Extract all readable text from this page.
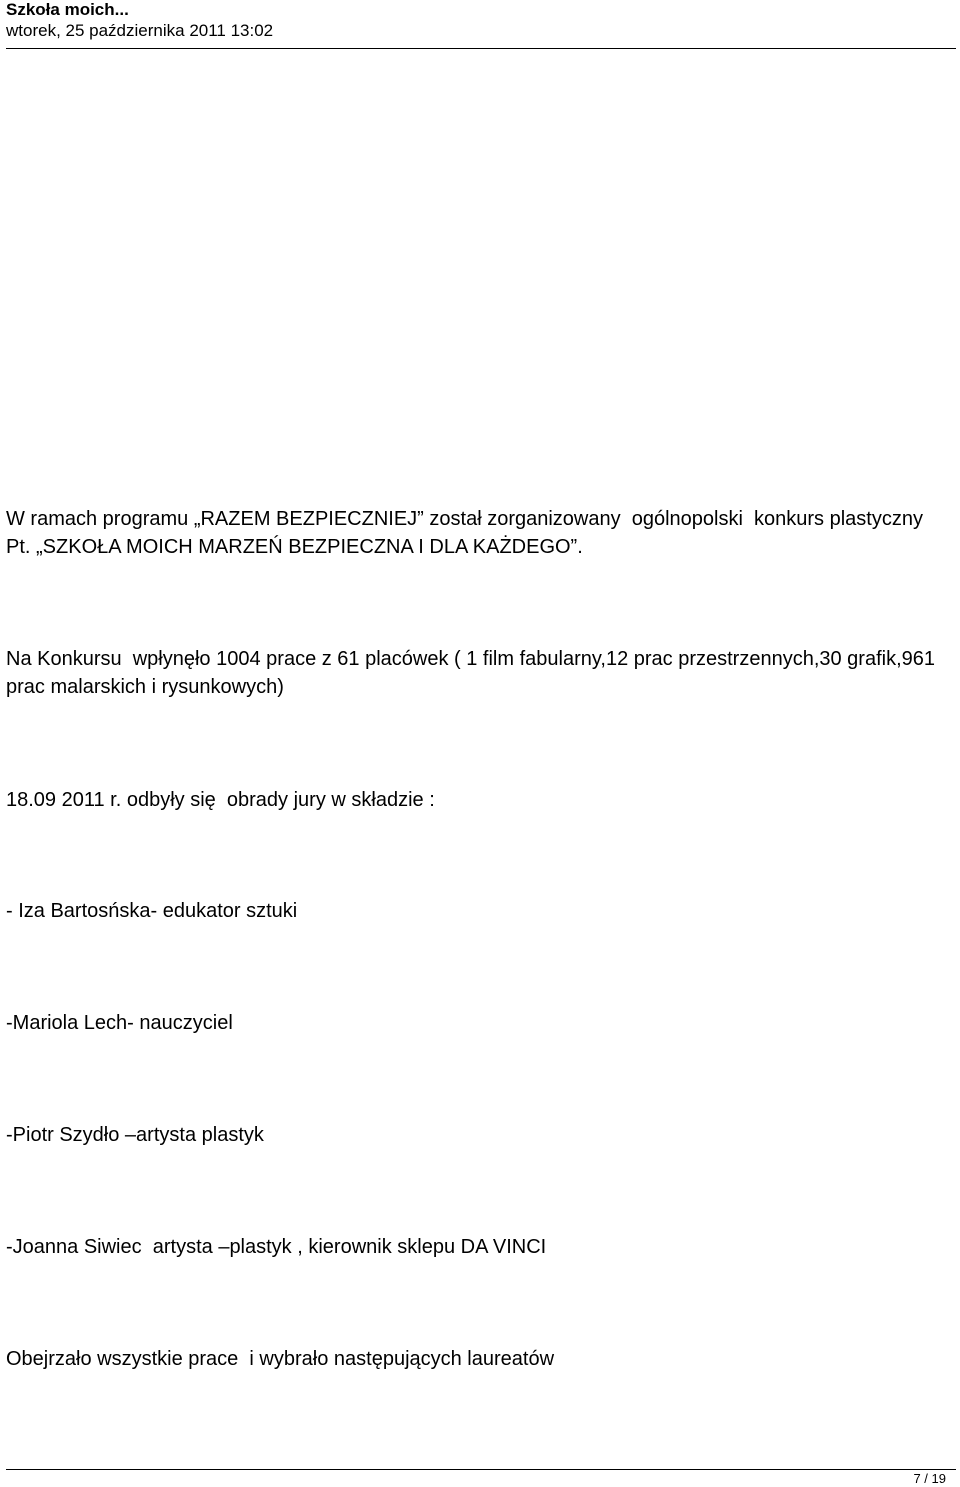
Szkoła moich...
wtorek, 25 października 2011 13:02
W ramach programu „RAZEM BEZPIECZNIEJ” został zorganizowany  ogólnopolski  konkurs plastyczny    Pt. „SZKOŁA MOICH MARZEŃ BEZPIECZNA I DLA KAŻDEGO”.
Na Konkursu  wpłynęło 1004 prace z 61 placówek ( 1 film fabularny,12 prac przestrzennych,30 grafik,961 prac malarskich i rysunkowych)
18.09 2011 r. odbyły się  obrady jury w składzie :
- Iza Bartosńska- edukator sztuki
-Mariola Lech- nauczyciel
-Piotr Szydło –artysta plastyk
-Joanna Siwiec  artysta –plastyk , kierownik sklepu DA VINCI
Obejrzało wszystkie prace  i wybrało następujących laureatów
7 / 19
